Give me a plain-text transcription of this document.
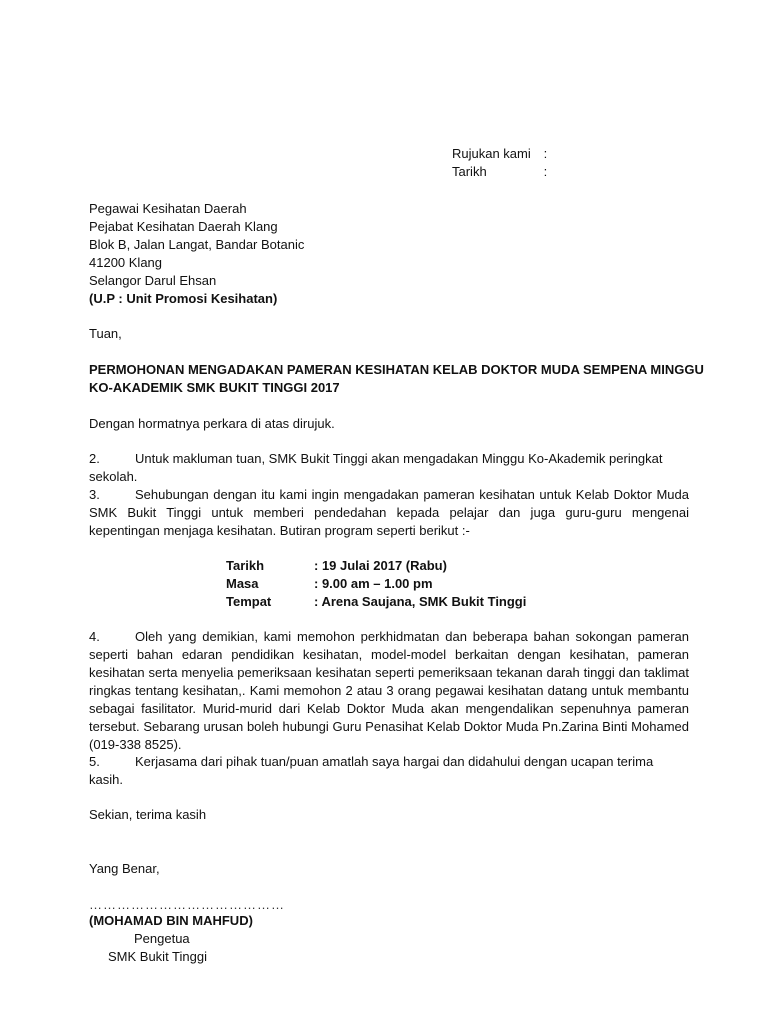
Rujukan kami :
Tarikh	:
Pegawai Kesihatan Daerah
Pejabat Kesihatan Daerah Klang
Blok B, Jalan Langat, Bandar Botanic
41200 Klang
Selangor Darul Ehsan
(U.P : Unit Promosi Kesihatan)
Tuan,
PERMOHONAN MENGADAKAN PAMERAN KESIHATAN KELAB DOKTOR MUDA SEMPENA MINGGU
KO-AKADEMIK SMK BUKIT TINGGI 2017
Dengan hormatnya perkara di atas dirujuk.
2.	Untuk makluman tuan, SMK Bukit Tinggi akan mengadakan Minggu Ko-Akademik peringkat sekolah.
3.	Sehubungan dengan itu kami ingin mengadakan pameran kesihatan untuk Kelab Doktor Muda SMK Bukit Tinggi untuk memberi pendedahan kepada pelajar dan juga guru-guru mengenai kepentingan menjaga kesihatan. Butiran program seperti berikut :-
Tarikh	: 19 Julai 2017 (Rabu)
Masa	: 9.00 am – 1.00 pm
Tempat	: Arena Saujana, SMK Bukit Tinggi
4.	Oleh yang demikian, kami memohon perkhidmatan dan beberapa bahan sokongan pameran seperti bahan edaran pendidikan kesihatan, model-model berkaitan dengan kesihatan, pameran kesihatan serta menyelia pemeriksaan kesihatan seperti pemeriksaan tekanan darah tinggi dan taklimat ringkas tentang kesihatan,. Kami memohon 2 atau 3 orang pegawai kesihatan datang untuk membantu sebagai fasilitator. Murid-murid dari Kelab Doktor Muda akan mengendalikan sepenuhnya pameran tersebut. Sebarang urusan boleh hubungi Guru Penasihat Kelab Doktor Muda Pn.Zarina Binti Mohamed (019-338 8525).
5.	Kerjasama dari pihak tuan/puan amatlah saya hargai dan didahului dengan ucapan terima kasih.
Sekian, terima kasih
Yang Benar,
……………………………………
(MOHAMAD BIN MAHFUD)
Pengetua
SMK Bukit Tinggi
